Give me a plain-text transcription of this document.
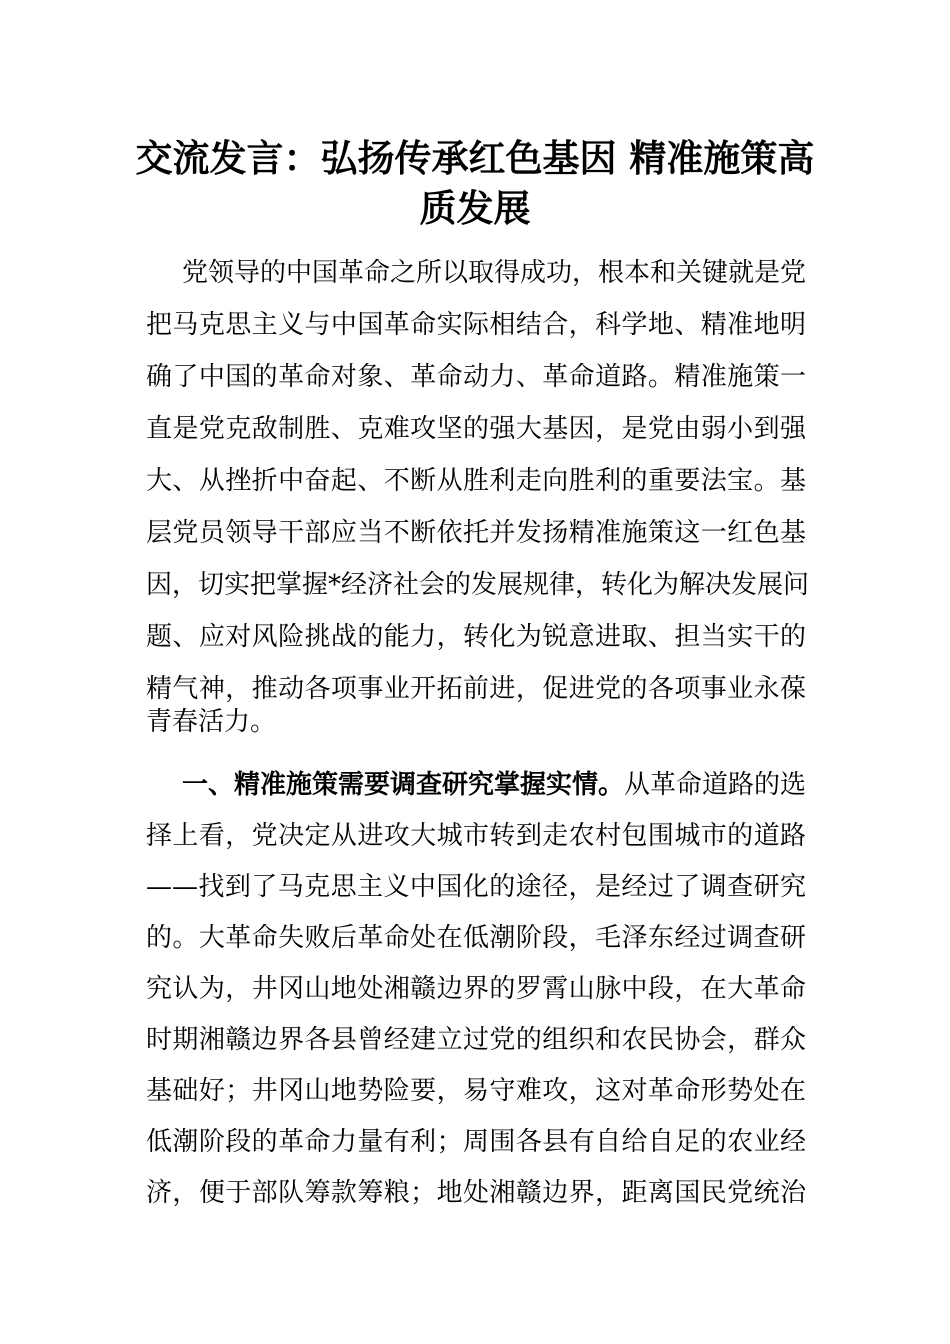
交流发言：弘扬传承红色基因 精准施策高
质发展
党领导的中国革命之所以取得成功，根本和关键就是党
把马克思主义与中国革命实际相结合，科学地、精准地明
确了中国的革命对象、革命动力、革命道路。精准施策一
直是党克敌制胜、克难攻坚的强大基因，是党由弱小到强
大、从挫折中奋起、不断从胜利走向胜利的重要法宝。基
层党员领导干部应当不断依托并发扬精准施策这一红色基
因，切实把掌握*经济社会的发展规律，转化为解决发展问
题、应对风险挑战的能力，转化为锐意进取、担当实干的
精气神，推动各项事业开拓前进，促进党的各项事业永葆
青春活力。
一、精准施策需要调查研究掌握实情。从革命道路的选
择上看，党决定从进攻大城市转到走农村包围城市的道路
——找到了马克思主义中国化的途径，是经过了调查研究
的。大革命失败后革命处在低潮阶段，毛泽东经过调查研
究认为，井冈山地处湘赣边界的罗霄山脉中段，在大革命
时期湘赣边界各县曾经建立过党的组织和农民协会，群众
基础好；井冈山地势险要，易守难攻，这对革命形势处在
低潮阶段的革命力量有利；周围各县有自给自足的农业经
济，便于部队筹款筹粮；地处湘赣边界，距离国民党统治
